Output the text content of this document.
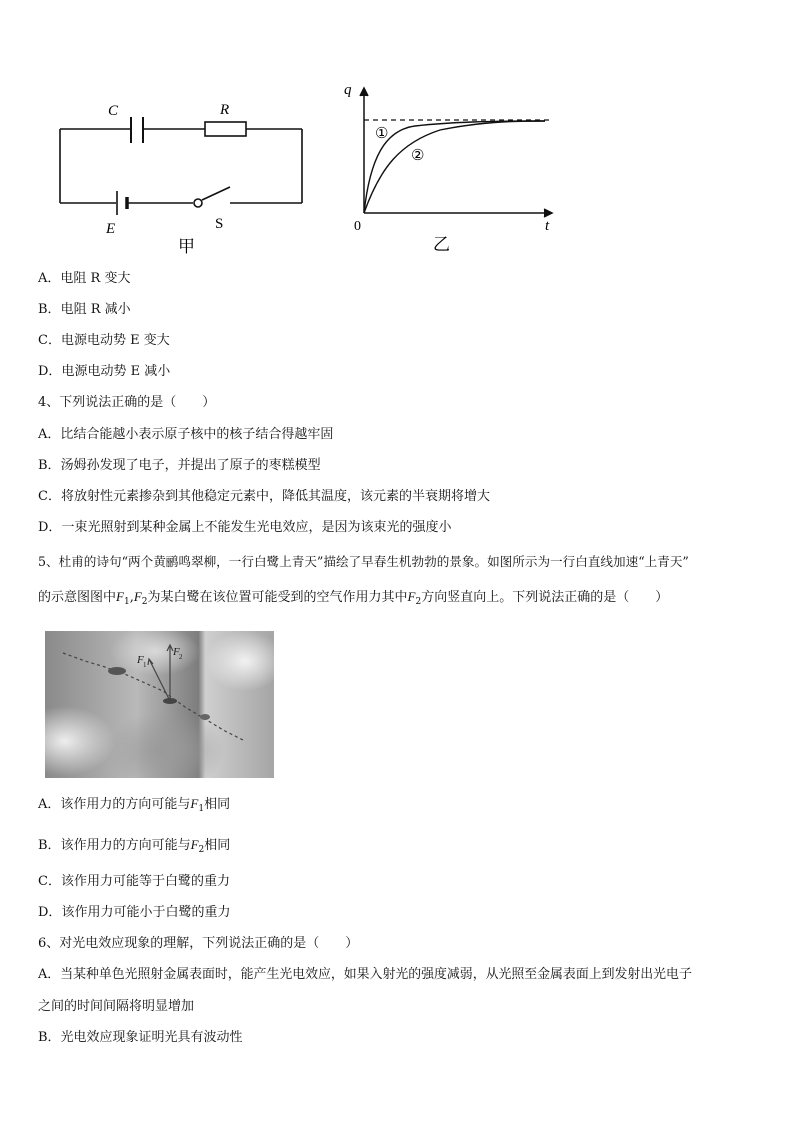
C	R
E	S
甲
q
t
0
①
②
乙
A．电阻 R 变大
B．电阻 R 减小
C．电源电动势 E 变大
D．电源电动势 E 减小
4、下列说法正确的是（　　）
A．比结合能越小表示原子核中的核子结合得越牢固
B．汤姆孙发现了电子，并提出了原子的枣糕模型
C．将放射性元素掺杂到其他稳定元素中，降低其温度，该元素的半衰期将增大
D．一束光照射到某种金属上不能发生光电效应，是因为该束光的强度小
5、杜甫的诗句“两个黄鹂鸣翠柳，一行白鹭上青天”描绘了早春生机勃勃的景象。如图所示为一行白直线加速“上青天”
的示意图图中$F_1,F_2$为某白鹭在该位置可能受到的空气作用力其中$F_2$方向竖直向上。下列说法正确的是（　　）
F 1
F 2
A．该作用力的方向可能与$F_1$相同
B．该作用力的方向可能与$F_2$相同
C．该作用力可能等于白鹭的重力
D．该作用力可能小于白鹭的重力
6、对光电效应现象的理解，下列说法正确的是（　　）
A．当某种单色光照射金属表面时，能产生光电效应，如果入射光的强度减弱，从光照至金属表面上到发射出光电子
之间的时间间隔将明显增加
B．光电效应现象证明光具有波动性
